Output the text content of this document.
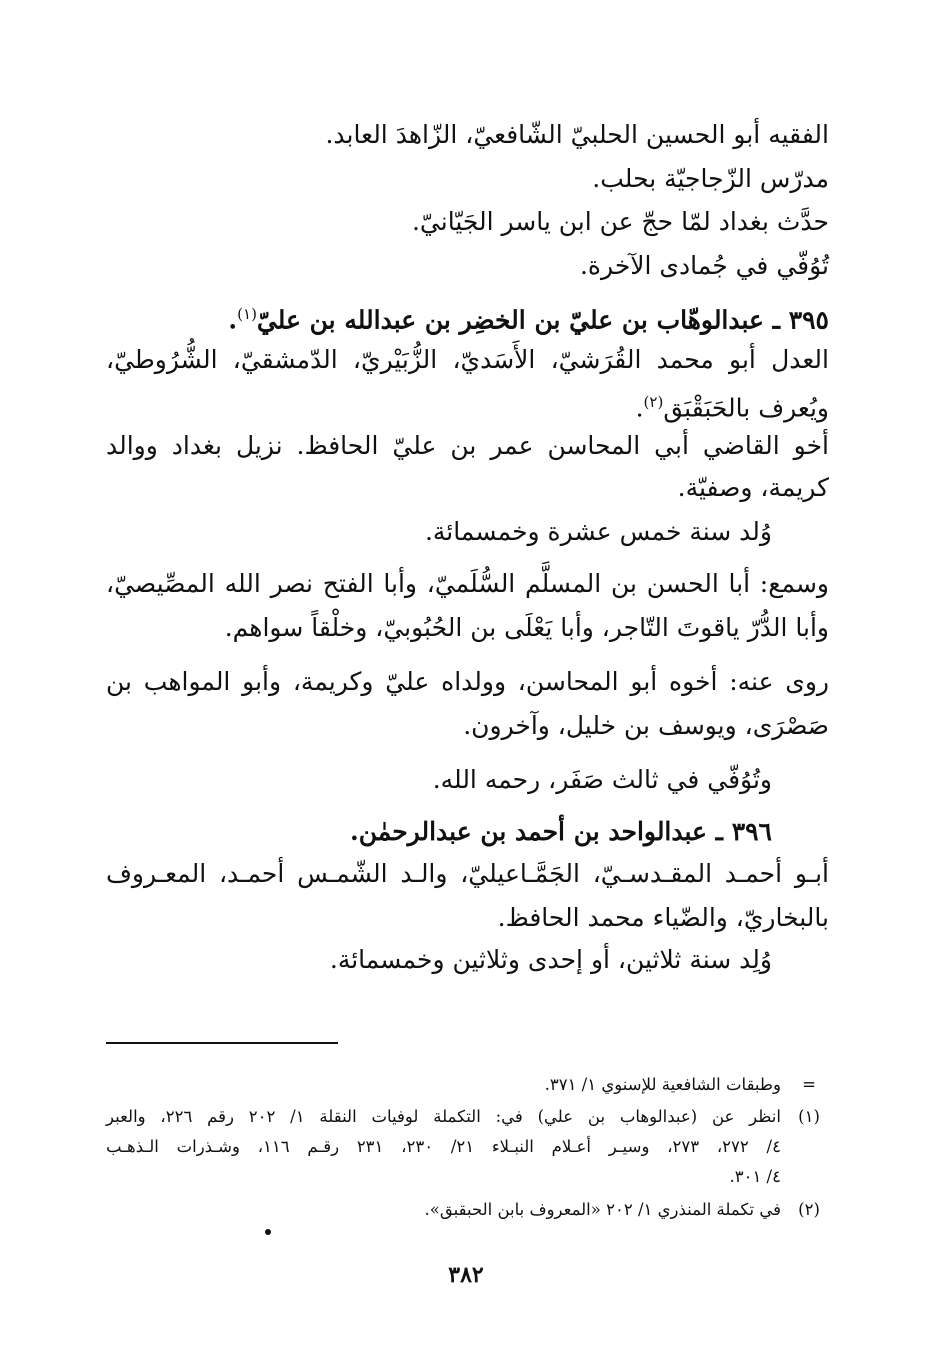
الفقيه أبو الحسين الحلبيّ الشّافعيّ، الزّاهدَ العابد.
مدرّس الزّجاجيّة بحلب.
حدَّث بغداد لمّا حجّ عن ابن ياسر الجَيّانيّ.
تُوُفّي في جُمادى الآخرة.
٣٩٥ ـ عبدالوهّاب بن عليّ بن الخضِر بن عبدالله بن عليّ$^{(١)}$.
العدل أبو محمد القُرَشيّ، الأَسَديّ، الزُّبَيْريّ، الدّمشقيّ، الشُّرُوطيّ،
ويُعرف بالحَبَقْبَق$^{(٢)}$.
أخو القاضي أبي المحاسن عمر بن عليّ الحافظ. نزيل بغداد ووالد
كريمة، وصفيّة.
وُلد سنة خمس عشرة وخمسمائة.
وسمع: أبا الحسن بن المسلَّم السُّلَميّ، وأبا الفتح نصر الله المصِّيصيّ،
وأبا الدُّرّ ياقوتَ التّاجر، وأبا يَعْلَى بن الحُبُوبيّ، وخلْقاً سواهم.
روى عنه: أخوه أبو المحاسن، وولداه عليّ وكريمة، وأبو المواهب بن
صَصْرَى، ويوسف بن خليل، وآخرون.
وتُوُفّي في ثالث صَفَر، رحمه الله.
٣٩٦ ـ عبدالواحد بن أحمد بن عبدالرحمٰن.
أبـو أحمـد المقـدسـيّ، الجَمَّـاعيليّ، والـد الشّمـس أحمـد، المعـروف
بالبخاريّ، والضّياء محمد الحافظ.
وُلِد سنة ثلاثين، أو إحدى وثلاثين وخمسمائة.
=
وطبقات الشافعية للإسنوي ١/ ٣٧١.
(١)
انظر عن (عبدالوهاب بن علي) في: التكملة لوفيات النقلة ١/ ٢٠٢ رقم ٢٢٦، والعبر
٤/ ٢٧٢، ٢٧٣، وسيـر أعـلام النبـلاء ٢١/ ٢٣٠، ٢٣١ رقـم ١١٦، وشـذرات الـذهـب
٤/ ٣٠١.
(٢)
في تكملة المنذري ١/ ٢٠٢ «المعروف بابن الحبقبق».
٣٨٢
